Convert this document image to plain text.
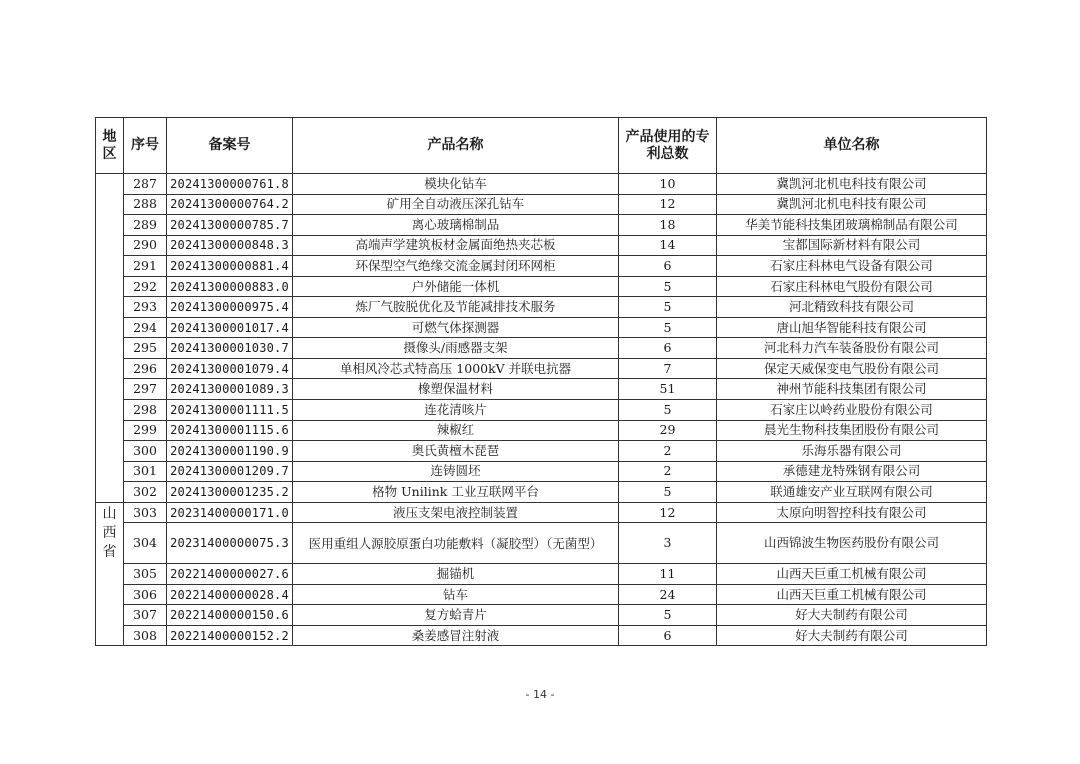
地区	序号	备案号	产品名称	产品使用的专利总数	单位名称

	287	20241300000761.8	模块化钻车	10	冀凯河北机电科技有限公司
	288	20241300000764.2	矿用全自动液压深孔钻车	12	冀凯河北机电科技有限公司
	289	20241300000785.7	离心玻璃棉制品	18	华美节能科技集团玻璃棉制品有限公司
	290	20241300000848.3	高端声学建筑板材金属面绝热夹芯板	14	宝都国际新材料有限公司
	291	20241300000881.4	环保型空气绝缘交流金属封闭环网柜	6	石家庄科林电气设备有限公司
	292	20241300000883.0	户外储能一体机	5	石家庄科林电气股份有限公司
	293	20241300000975.4	炼厂气胺脱优化及节能减排技术服务	5	河北精致科技有限公司
	294	20241300001017.4	可燃气体探测器	5	唐山旭华智能科技有限公司
	295	20241300001030.7	摄像头/雨感器支架	6	河北科力汽车装备股份有限公司
	296	20241300001079.4	单相风冷芯式特高压 1000kV 并联电抗器	7	保定天威保变电气股份有限公司
	297	20241300001089.3	橡塑保温材料	51	神州节能科技集团有限公司
	298	20241300001111.5	连花清咳片	5	石家庄以岭药业股份有限公司
	299	20241300001115.6	辣椒红	29	晨光生物科技集团股份有限公司
	300	20241300001190.9	奥氏黄檀木琵琶	2	乐海乐器有限公司
	301	20241300001209.7	连铸圆坯	2	承德建龙特殊钢有限公司
	302	20241300001235.2	格物 Unilink 工业互联网平台	5	联通雄安产业互联网有限公司

山西省	303	20231400000171.0	液压支架电液控制装置	12	太原向明智控科技有限公司
	304	20231400000075.3	医用重组人源胶原蛋白功能敷料（凝胶型）（无菌型）	3	山西锦波生物医药股份有限公司
	305	20221400000027.6	掘锚机	11	山西天巨重工机械有限公司
	306	20221400000028.4	钻车	24	山西天巨重工机械有限公司
	307	20221400000150.6	复方蛤青片	5	好大夫制药有限公司
	308	20221400000152.2	桑姜感冒注射液	6	好大夫制药有限公司
- 14 -
